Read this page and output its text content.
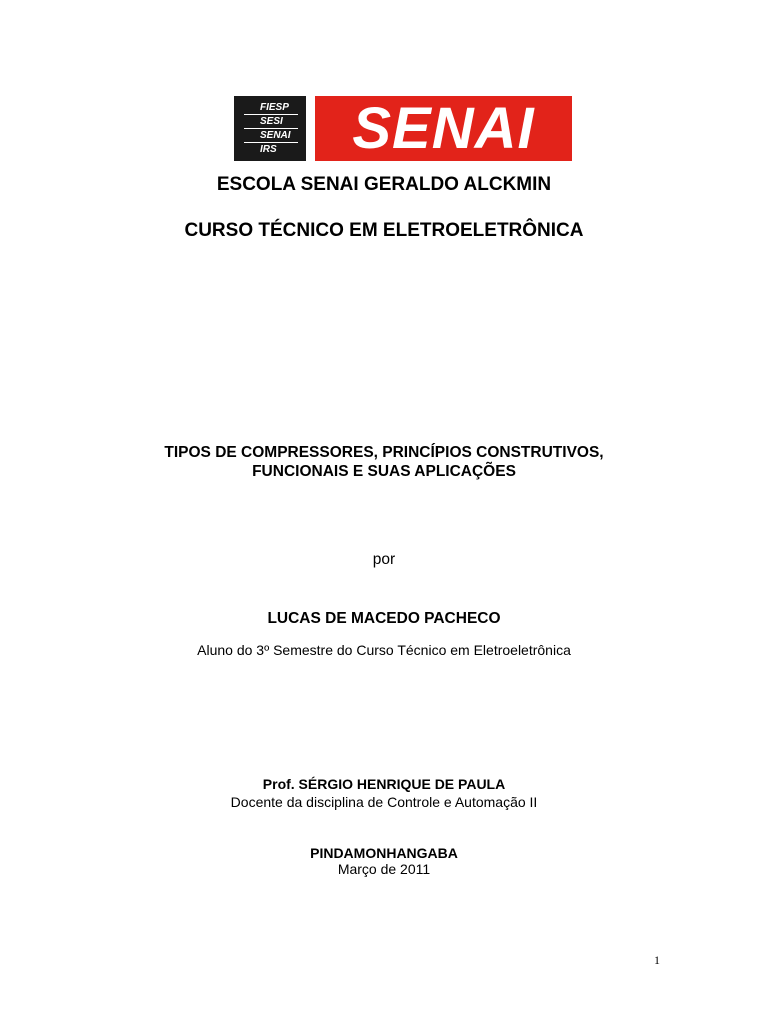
FIESP
SESI
SENAI
IRS	SENAI
ESCOLA SENAI GERALDO ALCKMIN
CURSO TÉCNICO EM ELETROELETRÔNICA
TIPOS DE COMPRESSORES, PRINCÍPIOS CONSTRUTIVOS,
FUNCIONAIS E SUAS APLICAÇÕES
por
LUCAS DE MACEDO PACHECO
Aluno do 3º Semestre do Curso Técnico em Eletroeletrônica
Prof. SÉRGIO HENRIQUE DE PAULA
Docente da disciplina de Controle e Automação II
PINDAMONHANGABA
Março de 2011
1
